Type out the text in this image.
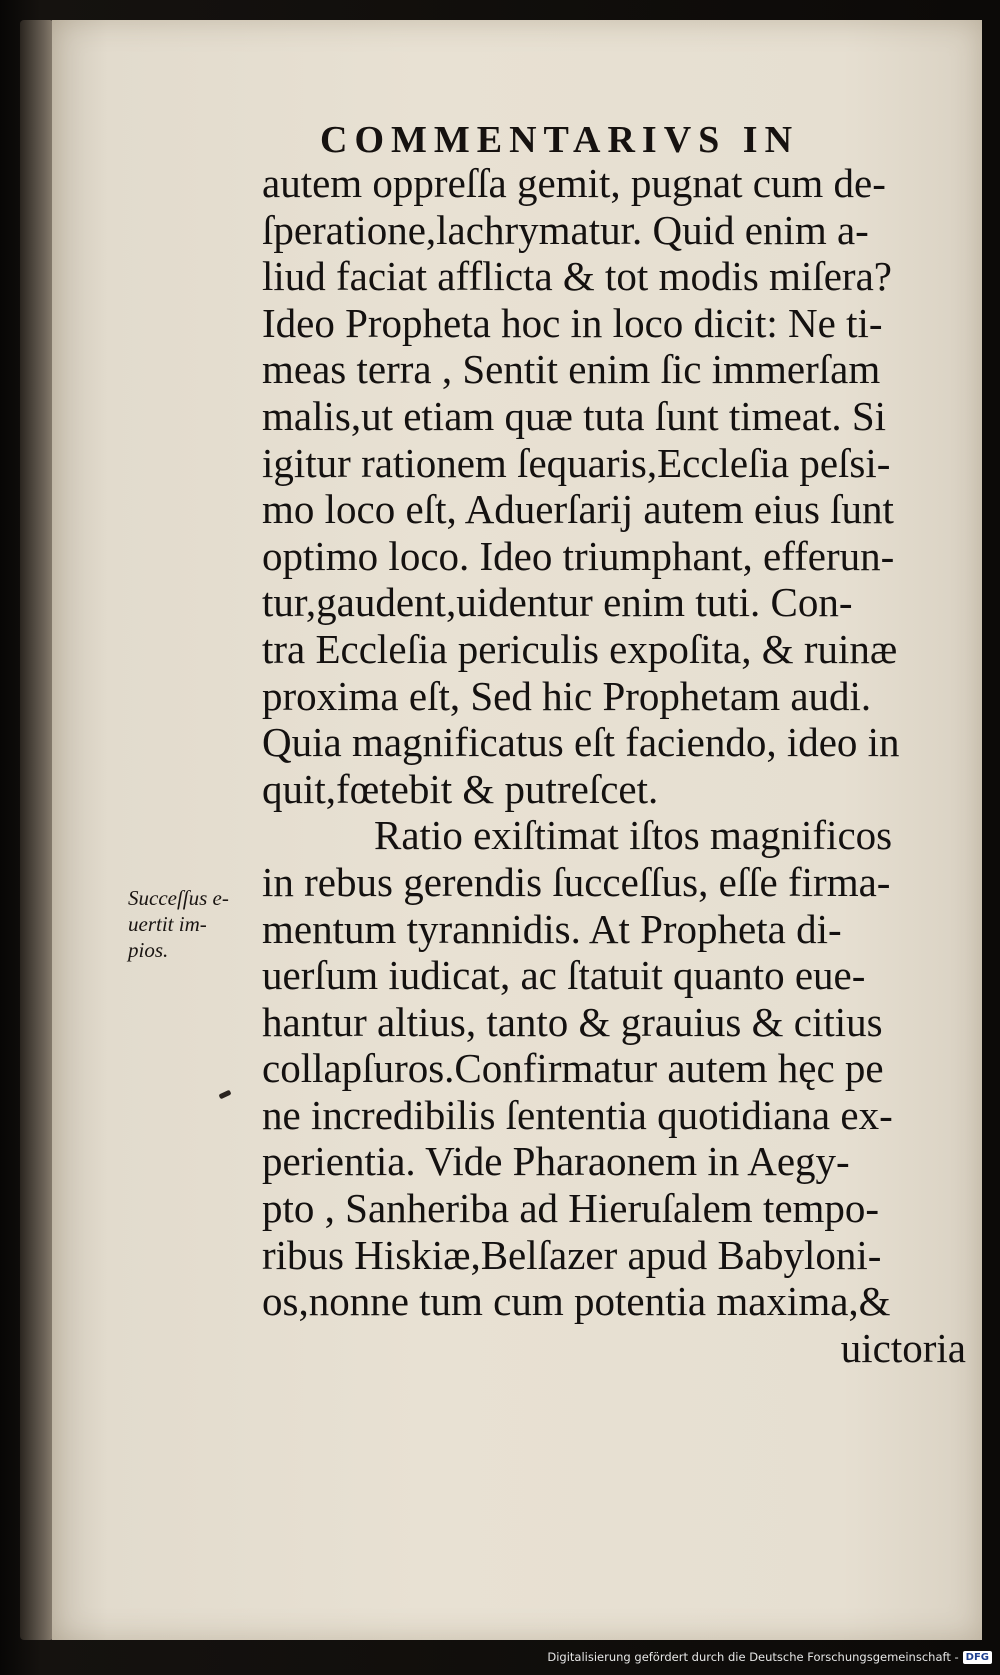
COMMENTARIVS IN
autem oppreſſa gemit, pugnat cum de‑
ſperatione,lachrymatur. Quid enim a‑
liud faciat afflicta & tot modis miſera?
Ideo Propheta hoc in loco dicit: Ne ti‑
meas terra , Sentit enim ſic immerſam
malis,ut etiam quæ tuta ſunt timeat. Si
igitur rationem ſequaris,Eccleſia peſsi‑
mo loco eſt, Aduerſarij autem eius ſunt
optimo loco. Ideo triumphant, efferun‑
tur,gaudent,uidentur enim tuti. Con‑
tra Eccleſia periculis expoſita, & ruinæ
proxima eſt, Sed hic Prophetam audi.
Quia magnificatus eſt faciendo, ideo in
quit,fœtebit & putreſcet.
Ratio exiſtimat iſtos magnificos
in rebus gerendis ſucceſſus, eſſe firma‑
mentum tyrannidis. At Propheta di‑
uerſum iudicat, ac ſtatuit quanto eue‑
hantur altius, tanto & grauius & citius
collapſuros.Confirmatur autem hęc pe
ne incredibilis ſententia quotidiana ex‑
perientia. Vide Pharaonem in Aegy‑
pto , Sanheriba ad Hieruſalem tempo‑
ribus Hiskiæ,Belſazer apud Babyloni‑
os,nonne tum cum potentia maxima,&
uictoria
Succeſſus e‑
uertit im‑
pios.
Digitalisierung gefördert durch die Deutsche Forschungsgemeinschaft - DFG
